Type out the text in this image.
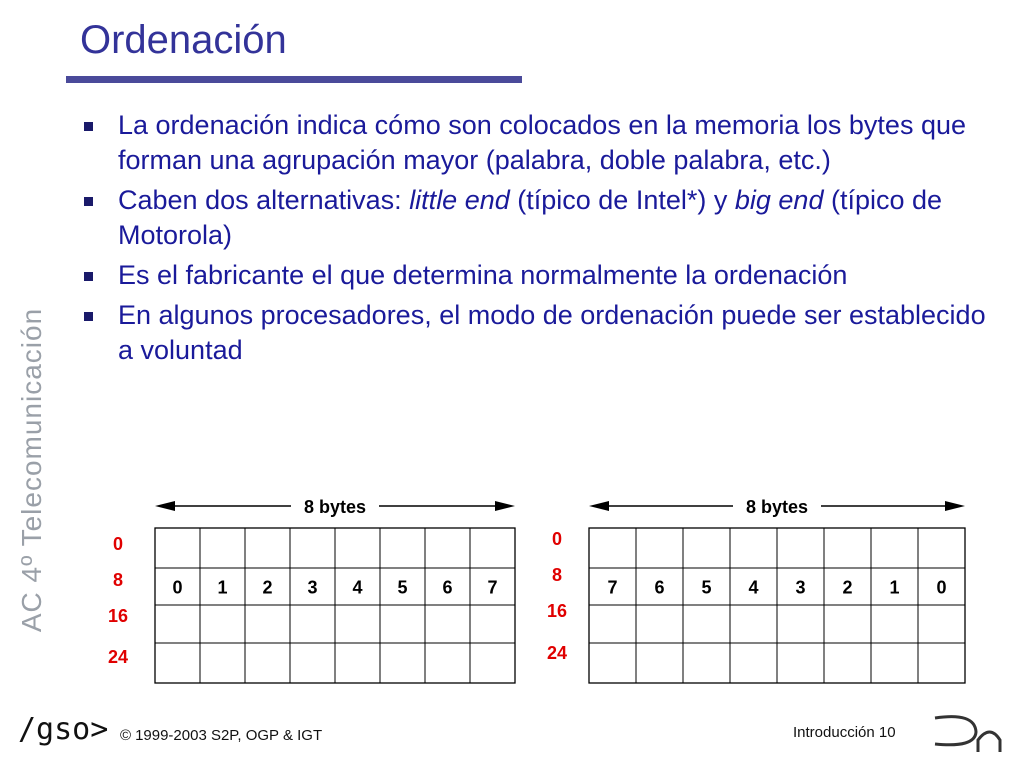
Ordenación
La ordenación indica cómo son colocados en la memoria los bytes que forman una agrupación mayor (palabra, doble palabra, etc.)
Caben dos alternativas: little end (típico de Intel*) y big end (típico de Motorola)
Es el fabricante el que determina normalmente la ordenación
En algunos procesadores, el modo de ordenación puede ser establecido a voluntad
AC 4º Telecomunicación	8 bytes
0
8
16
24
0 1 2 3 4 5 6 7
8 bytes
0
8
16
24
7 6 5 4 3 2 1 0
/gso> © 1999-2003 S2P, OGP & IGT	Introducción 10
